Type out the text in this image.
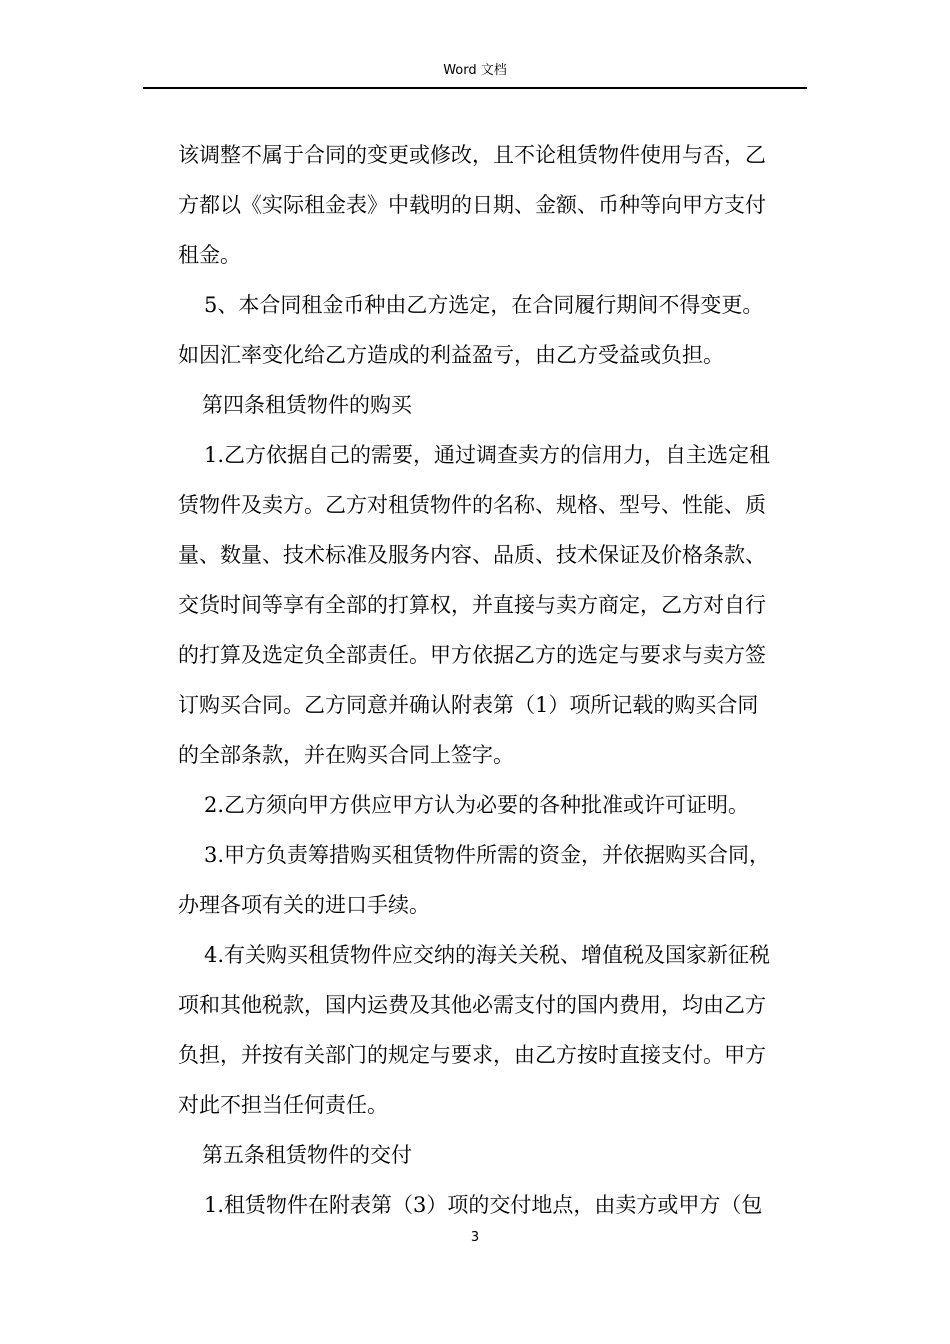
Word 文档

该调整不属于合同的变更或修改，且不论租赁物件使用与否，乙
方都以《实际租金表》中载明的日期、金额、币种等向甲方支付
租金。

5、本合同租金币种由乙方选定，在合同履行期间不得变更。
如因汇率变化给乙方造成的利益盈亏，由乙方受益或负担。

第四条租赁物件的购买

1.乙方依据自己的需要，通过调查卖方的信用力，自主选定租
赁物件及卖方。乙方对租赁物件的名称、规格、型号、性能、质
量、数量、技术标准及服务内容、品质、技术保证及价格条款、
交货时间等享有全部的打算权，并直接与卖方商定，乙方对自行
的打算及选定负全部责任。甲方依据乙方的选定与要求与卖方签
订购买合同。乙方同意并确认附表第（1）项所记载的购买合同
的全部条款，并在购买合同上签字。

2.乙方须向甲方供应甲方认为必要的各种批准或许可证明。

3.甲方负责筹措购买租赁物件所需的资金，并依据购买合同，
办理各项有关的进口手续。

4.有关购买租赁物件应交纳的海关关税、增值税及国家新征税
项和其他税款，国内运费及其他必需支付的国内费用，均由乙方
负担，并按有关部门的规定与要求，由乙方按时直接支付。甲方
对此不担当任何责任。

第五条租赁物件的交付

1.租赁物件在附表第（3）项的交付地点，由卖方或甲方（包

3
